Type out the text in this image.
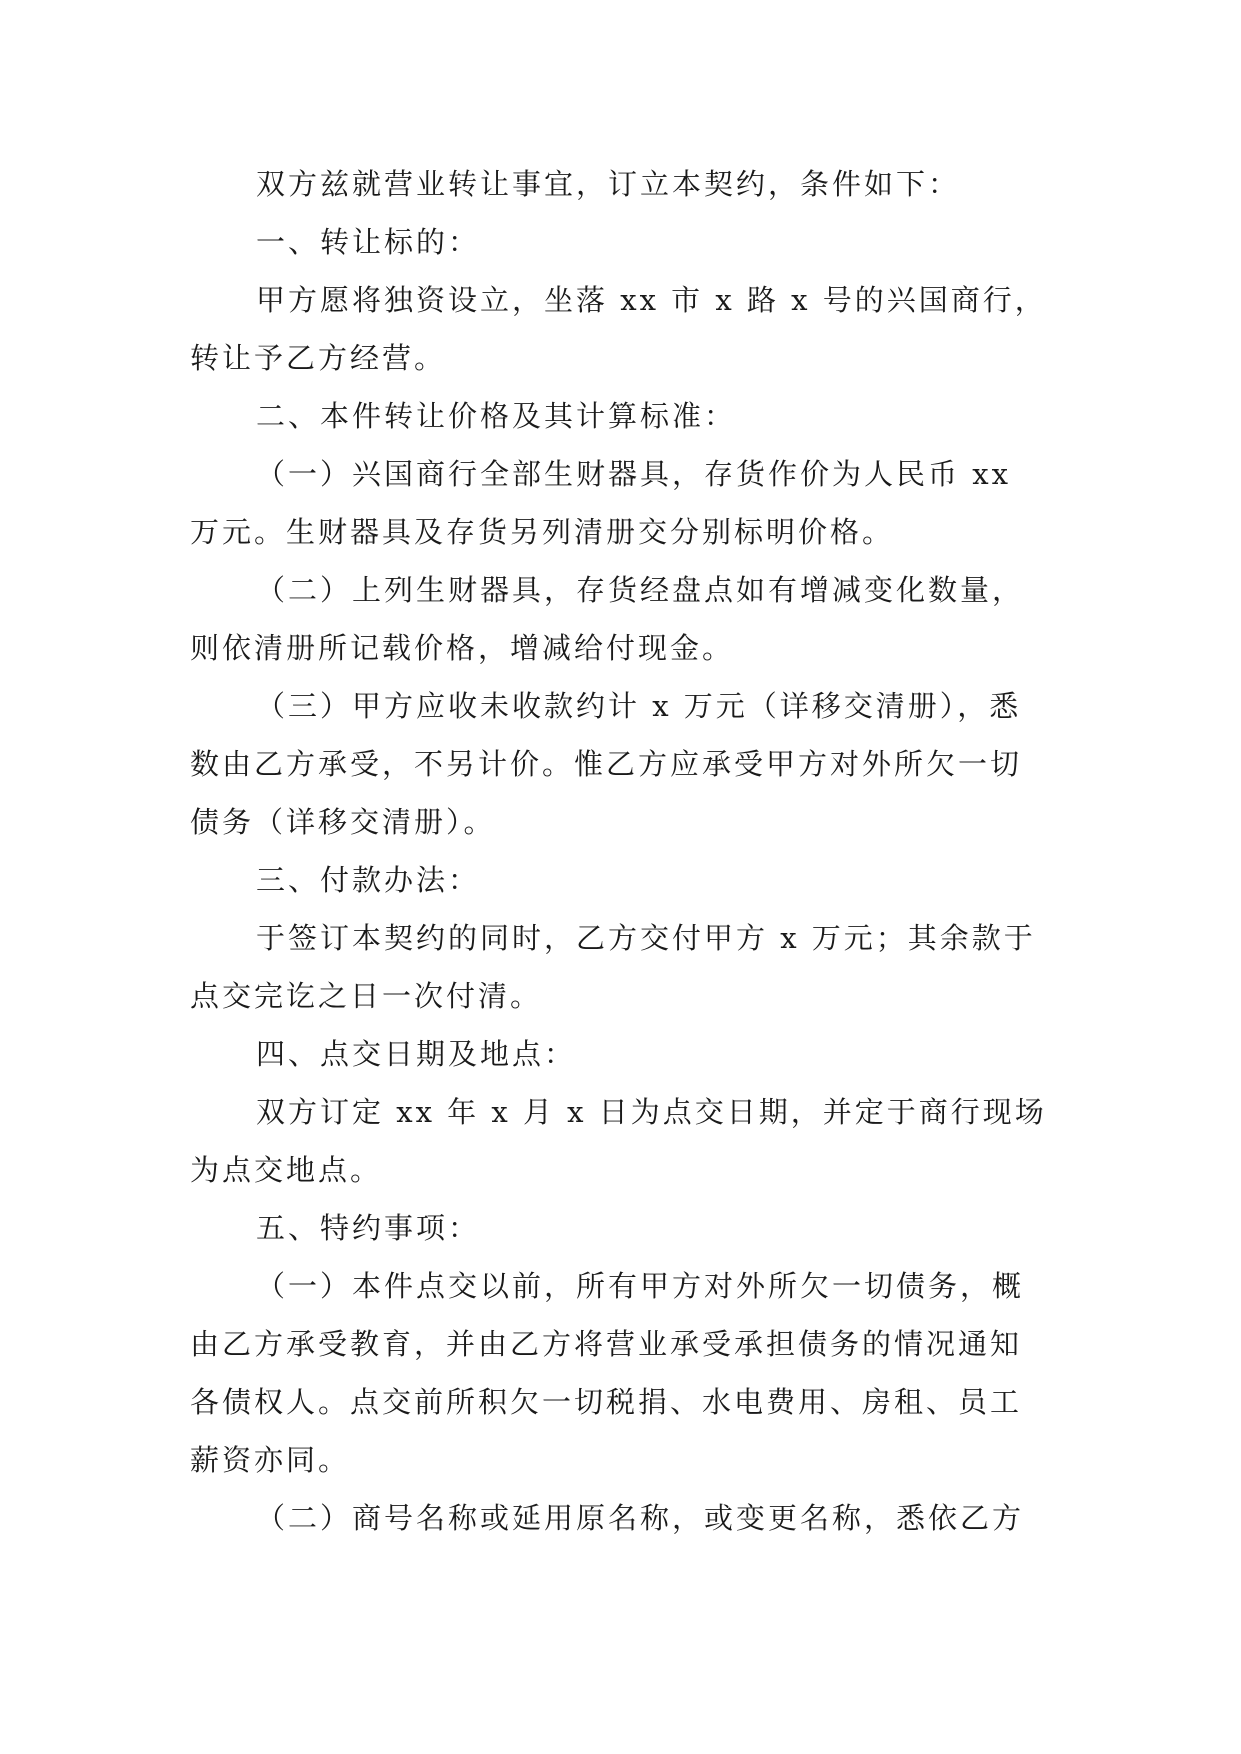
双方兹就营业转让事宜，订立本契约，条件如下：

一、转让标的：

甲方愿将独资设立，坐落 xx 市 x 路 x 号的兴国商行，转让予乙方经营。

二、本件转让价格及其计算标准：

（一）兴国商行全部生财器具，存货作价为人民币 xx 万元。生财器具及存货另列清册交分别标明价格。

（二）上列生财器具，存货经盘点如有增减变化数量，则依清册所记载价格，增减给付现金。

（三）甲方应收未收款约计 x 万元（详移交清册），悉数由乙方承受，不另计价。惟乙方应承受甲方对外所欠一切债务（详移交清册）。

三、付款办法：

于签订本契约的同时，乙方交付甲方 x 万元；其余款于点交完讫之日一次付清。

四、点交日期及地点：

双方订定 xx 年 x 月 x 日为点交日期，并定于商行现场为点交地点。

五、特约事项：

（一）本件点交以前，所有甲方对外所欠一切债务，概由乙方承受教育，并由乙方将营业承受承担债务的情况通知各债权人。点交前所积欠一切税捐、水电费用、房租、员工薪资亦同。

（二）商号名称或延用原名称，或变更名称，悉依乙方
